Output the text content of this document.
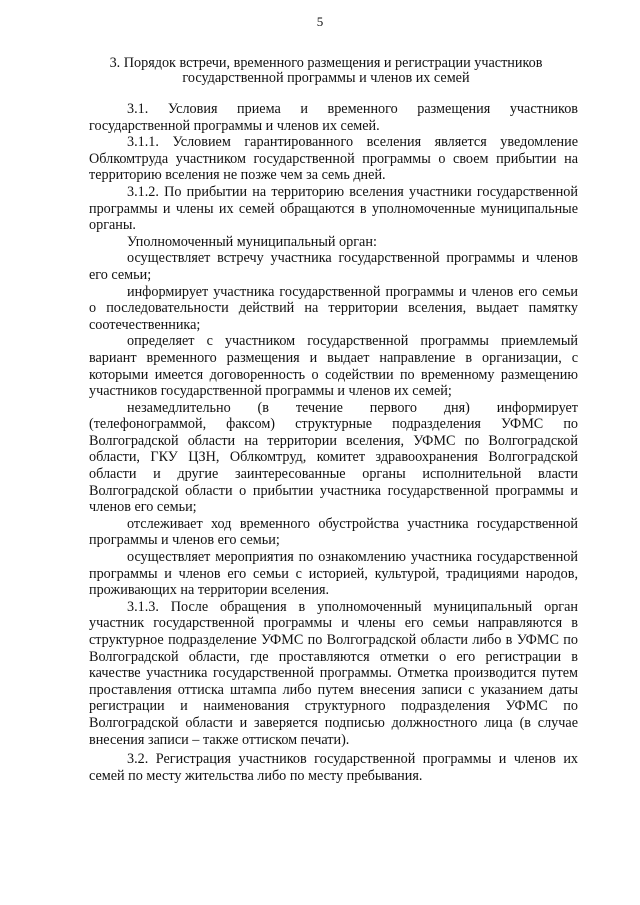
5
3. Порядок встречи, временного размещения и регистрации участников государственной программы и членов их семей

3.1. Условия приема и временного размещения участников государственной программы и членов их семей.

3.1.1. Условием гарантированного вселения является уведомление Облкомтруда участником государственной программы о своем прибытии на территорию вселения не позже чем за семь дней.

3.1.2. По прибытии на территорию вселения участники государственной программы и члены их семей обращаются в уполномоченные муниципальные органы.

Уполномоченный муниципальный орган:

осуществляет встречу участника государственной программы и членов его семьи;

информирует участника государственной программы и членов его семьи о последовательности действий на территории вселения, выдает памятку соотечественника;

определяет с участником государственной программы приемлемый вариант временного размещения и выдает направление в организации, с которыми имеется договоренность о содействии по временному размещению участников государственной программы и членов их семей;

незамедлительно (в течение первого дня) информирует (телефонограммой, факсом) структурные подразделения УФМС по Волгоградской области на территории вселения, УФМС по Волгоградской области, ГКУ ЦЗН, Облкомтруд, комитет здравоохранения Волгоградской области и другие заинтересованные органы исполнительной власти Волгоградской области о прибытии участника государственной программы и членов его семьи;

отслеживает ход временного обустройства участника государственной программы и членов его семьи;

осуществляет мероприятия по ознакомлению участника государственной программы и членов его семьи с историей, культурой, традициями народов, проживающих на территории вселения.

3.1.3. После обращения в уполномоченный муниципальный орган участник государственной программы и члены его семьи направляются в структурное подразделение УФМС по Волгоградской области либо в УФМС по Волгоградской области, где проставляются отметки о его регистрации в качестве участника государственной программы. Отметка производится путем проставления оттиска штампа либо путем внесения записи с указанием даты регистрации и наименования структурного подразделения УФМС по Волгоградской области и заверяется подписью должностного лица (в случае внесения записи – также оттиском печати).

3.2. Регистрация участников государственной программы и членов их семей по месту жительства либо по месту пребывания.
